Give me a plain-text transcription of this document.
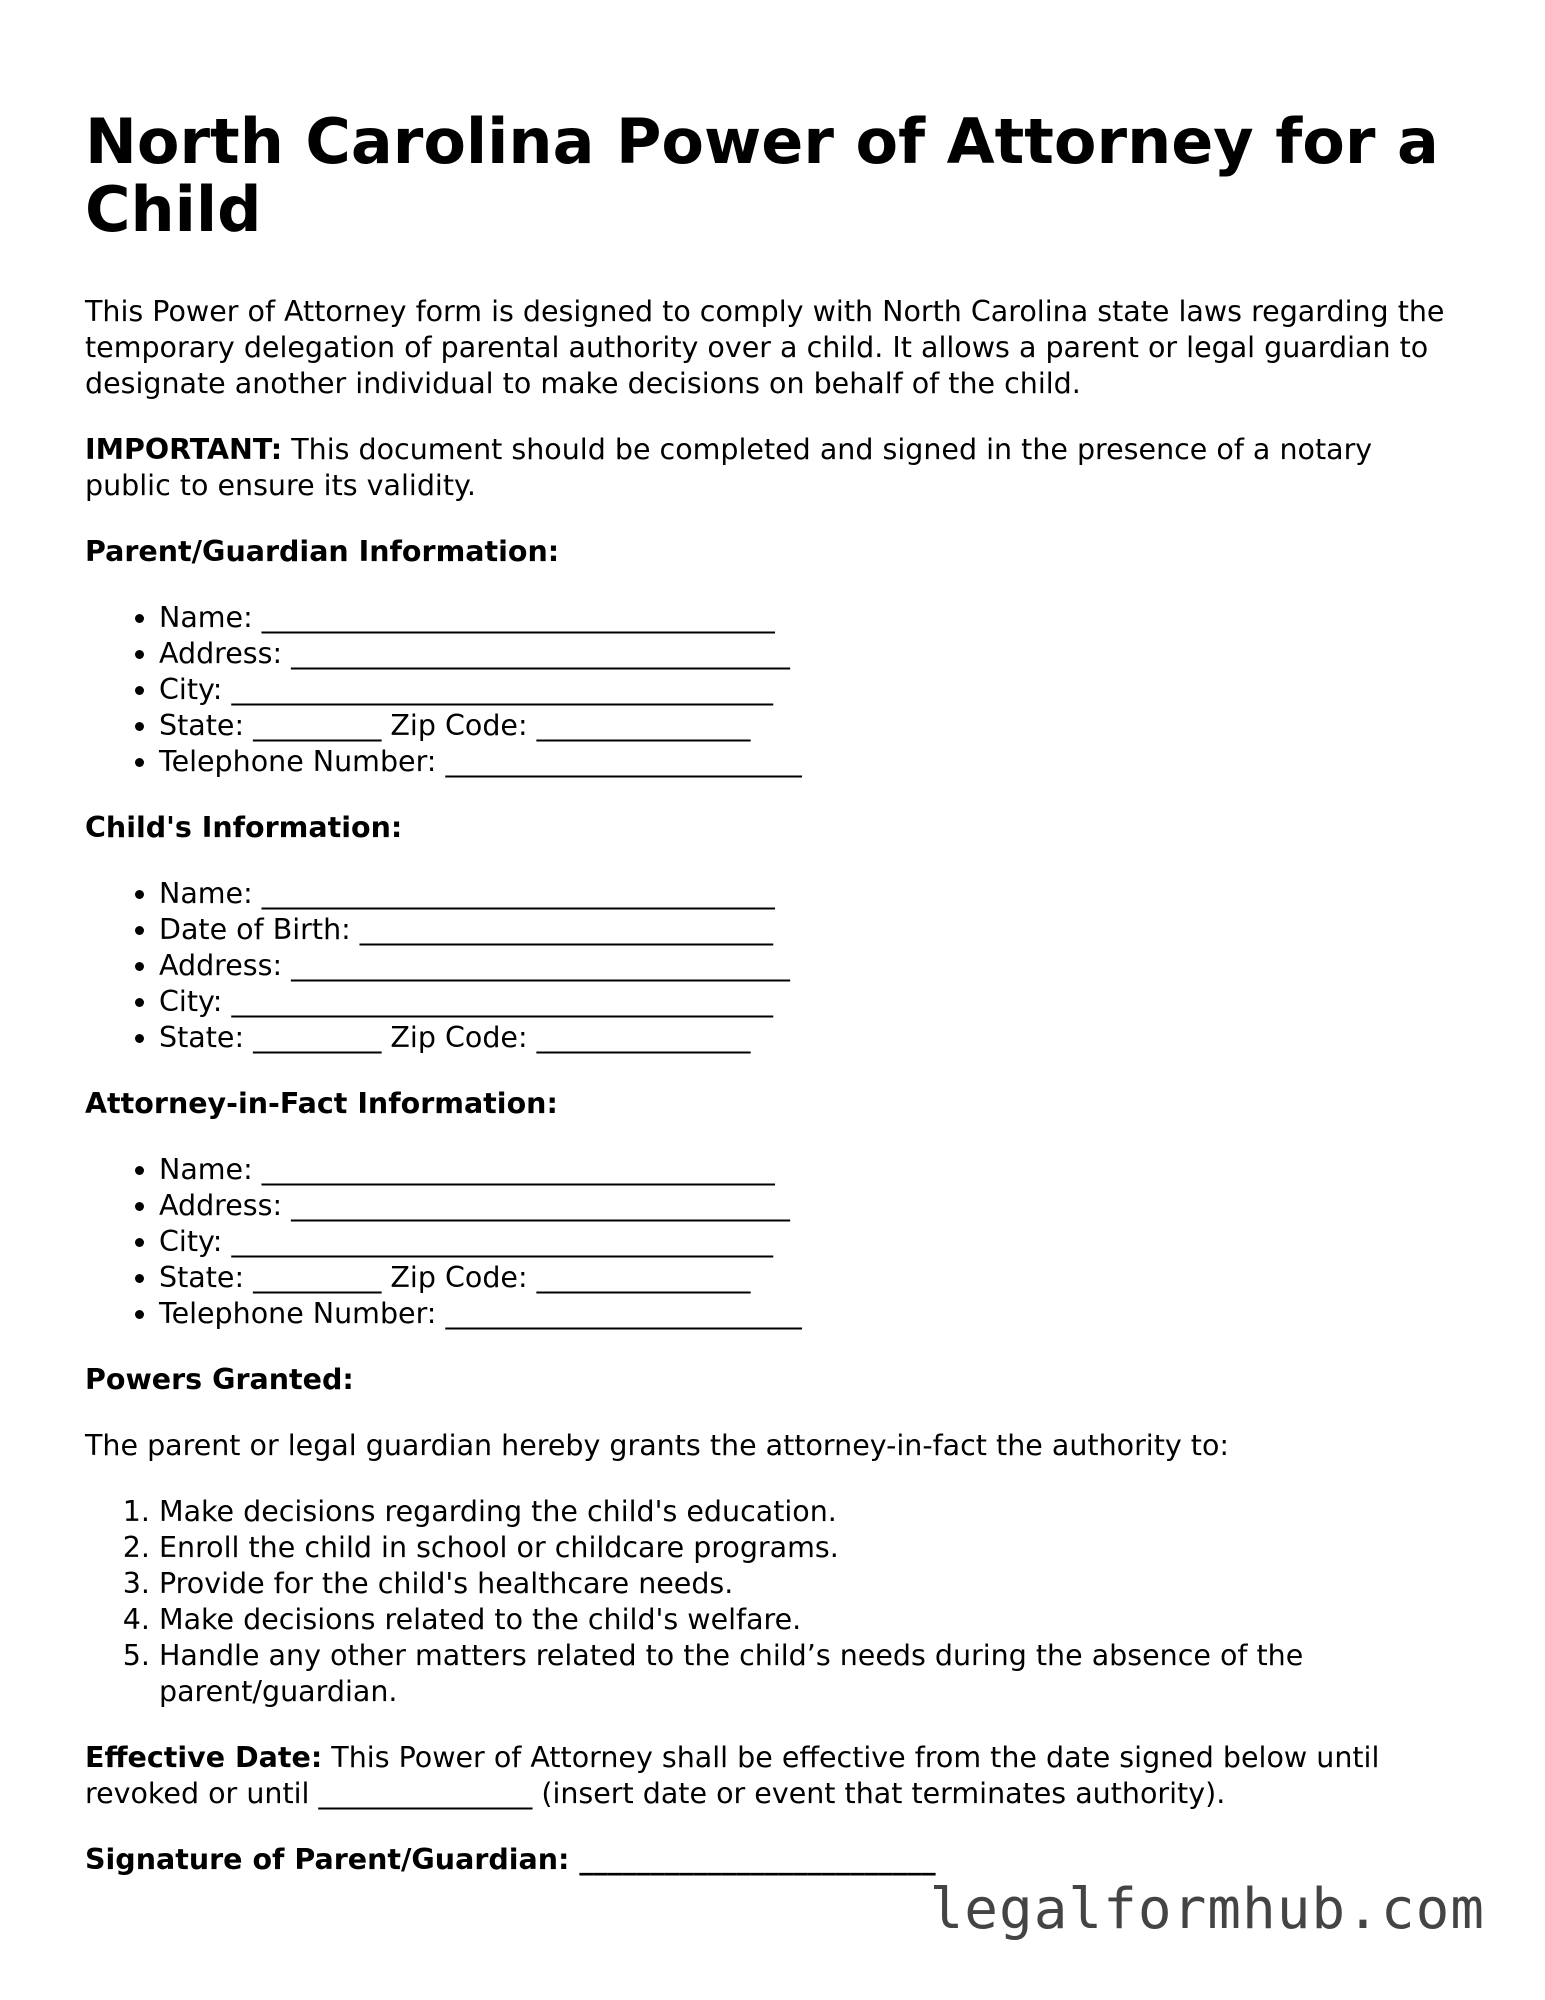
North Carolina Power of Attorney for a Child

This Power of Attorney form is designed to comply with North Carolina state laws regarding the temporary delegation of parental authority over a child. It allows a parent or legal guardian to designate another individual to make decisions on behalf of the child.

IMPORTANT: This document should be completed and signed in the presence of a notary public to ensure its validity.

Parent/Guardian Information:
• Name: ____________________________________
• Address: ___________________________________
• City: ______________________________________
• State: _________ Zip Code: _______________
• Telephone Number: _________________________
Child's Information:
• Name: ____________________________________
• Date of Birth: _____________________________
• Address: ___________________________________
• City: ______________________________________
• State: _________ Zip Code: _______________
Attorney-in-Fact Information:
• Name: ____________________________________
• Address: ___________________________________
• City: ______________________________________
• State: _________ Zip Code: _______________
• Telephone Number: _________________________
Powers Granted:

The parent or legal guardian hereby grants the attorney-in-fact the authority to:

1. Make decisions regarding the child's education.
2. Enroll the child in school or childcare programs.
3. Provide for the child's healthcare needs.
4. Make decisions related to the child's welfare.
5. Handle any other matters related to the child’s needs during the absence of the parent/guardian.

Effective Date: This Power of Attorney shall be effective from the date signed below until revoked or until _______________ (insert date or event that terminates authority).

Signature of Parent/Guardian: _________________________

legalformhub.com
